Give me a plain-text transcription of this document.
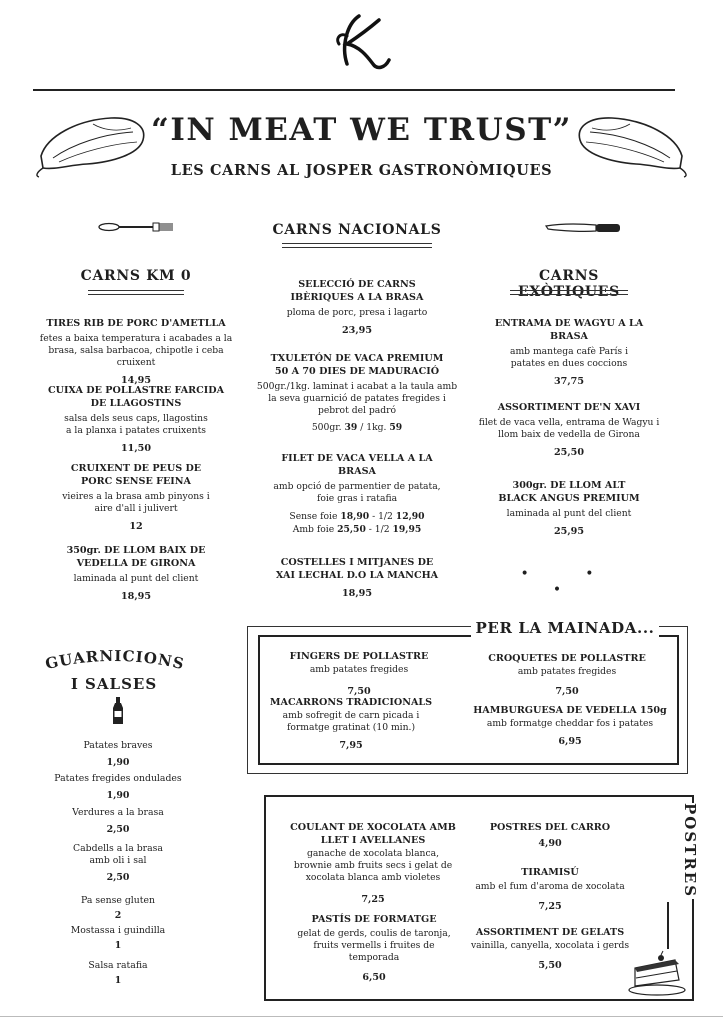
“IN MEAT WE TRUST”
LES CARNS AL JOSPER GASTRONÒMIQUES
CARNS NACIONALS
SELECCIÓ DE CARNS IBÈRIQUES A LA BRASA
ploma de porc, presa i lagarto
23,95
TXULETÓN DE VACA PREMIUM 50 A 70 DIES DE MADURACIÓ
500gr./1kg. laminat i acabat a la taula amb la seva guarnició de patates fregides i pebrot del padró
500gr. 39 / 1kg. 59
FILET DE VACA VELLA A LA BRASA
amb opció de parmentier de patata, foie gras i ratafia
Sense foie 18,90 - 1/2 12,90
Amb foie 25,50 - 1/2 19,95
COSTELLES I MITJANES DE XAI LECHAL D.O LA MANCHA
18,95
CARNS KM 0
TIRES RIB DE PORC D'AMETLLA
fetes a baixa temperatura i acabades a la brasa, salsa barbacoa, chipotle i ceba cruixent
14,95
CUIXA DE POLLASTRE FARCIDA DE LLAGOSTINS
salsa dels seus caps, llagostins a la planxa i patates cruixents
11,50
CRUIXENT DE PEUS DE PORC SENSE FEINA
vieires a la brasa amb pinyons i aire d'all i julivert
12
350gr. DE LLOM BAIX DE VEDELLA DE GIRONA
laminada al punt del client
18,95
CARNS EXÒTIQUES
ENTRAMA DE WAGYU A LA BRASA
amb mantega cafè París i patates en dues coccions
37,75
ASSORTIMENT DE'N XAVI
filet de vaca vella, entrama de Wagyu i llom baix de vedella de Girona
25,50
300gr. DE LLOM ALT BLACK ANGUS PREMIUM
laminada al punt del client
25,95
• • •
GUARNICIONS
I SALSES
Patates braves
1,90
Patates fregides ondulades
1,90
Verdures a la brasa
2,50
Cabdells a la brasa amb oli i sal
2,50
Pa sense gluten
2
Mostassa i guindilla
1
Salsa ratafia
1
PER LA MAINADA...
FINGERS DE POLLASTRE
amb patates fregides
7,50
MACARRONS TRADICIONALS
amb sofregit de carn picada i formatge gratinat (10 min.)
7,95
CROQUETES DE POLLASTRE
amb patates fregides
7,50
HAMBURGUESA DE VEDELLA 150g
amb formatge cheddar fos i patates
6,95
POSTRES
COULANT DE XOCOLATA AMB LLET I AVELLANES
ganache de xocolata blanca, brownie amb fruits secs i gelat de xocolata blanca amb violetes
7,25
PASTÍS DE FORMATGE
gelat de gerds, coulis de taronja, fruits vermells i fruites de temporada
6,50
POSTRES DEL CARRO
4,90
TIRAMISÚ
amb el fum d'aroma de xocolata
7,25
ASSORTIMENT DE GELATS
vainilla, canyella, xocolata i gerds
5,50
